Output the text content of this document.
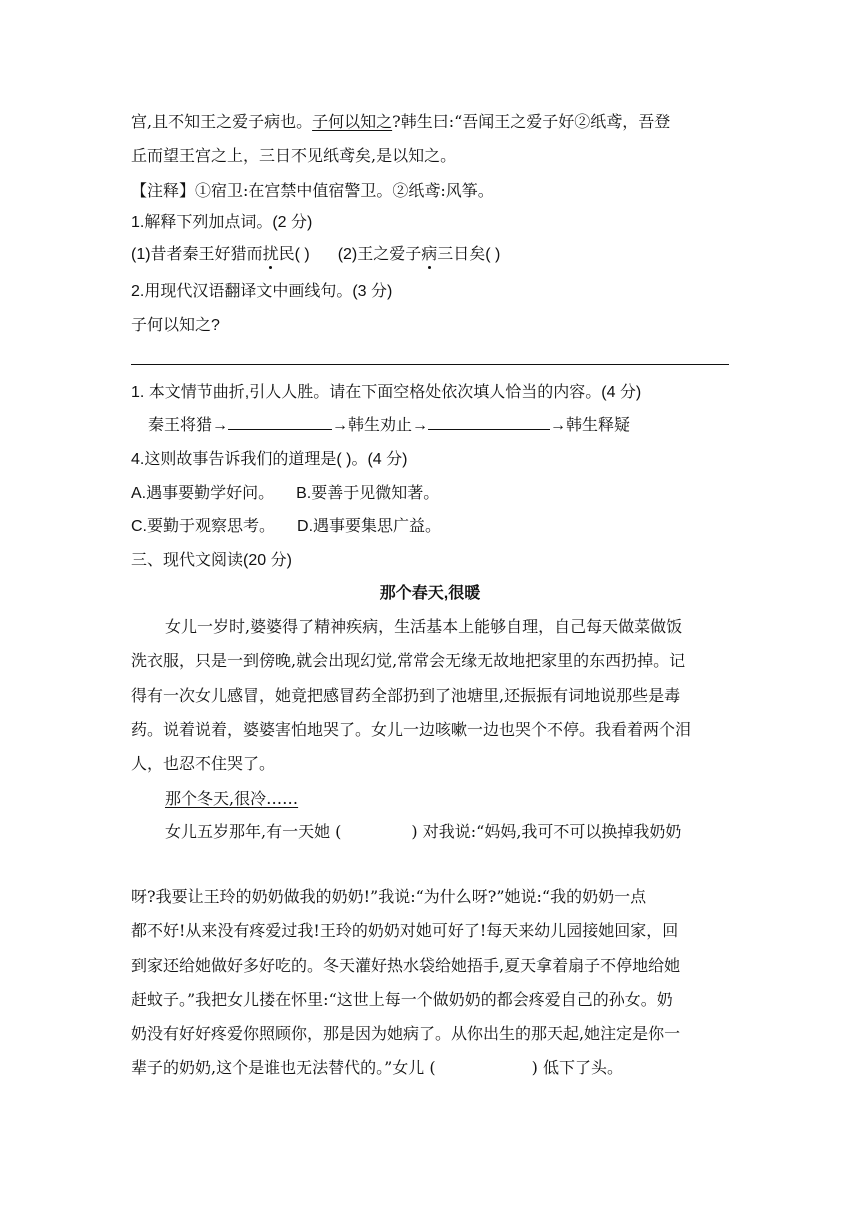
宫,且不知王之爱子病也。子何以知之?韩生曰:“吾闻王之爱子好②纸鸢，吾登
丘而望王宫之上，三日不见纸鸢矣,是以知之。
【注释】①宿卫:在宫禁中值宿警卫。②纸鸢:风筝。
1.解释下列加点词。(2 分)
(1)昔者秦王好猎而扰民( ) (2)王之爱子病三日矣( )
2.用现代汉语翻译文中画线句。(3 分)
子何以知之?
1. 本文情节曲折,引人人胜。请在下面空格处依次填人恰当的内容。(4 分)
秦王将猎→	→韩生劝止→	→韩生释疑
4.这则故事告诉我们的道理是( )。(4 分)
A.遇事要勤学好问。 B.要善于见微知著。
C.要勤于观察思考。 D.遇事要集思广益。
三、现代文阅读(20 分)
那个春天,很暖
女儿一岁时,婆婆得了精神疾病，生活基本上能够自理，自己每天做菜做饭
洗衣服，只是一到傍晚,就会出现幻觉,常常会无缘无故地把家里的东西扔掉。记
得有一次女儿感冒，她竟把感冒药全部扔到了池塘里,还振振有词地说那些是毒
药。说着说着，婆婆害怕地哭了。女儿一边咳嗽一边也哭个不停。我看着两个泪
人，也忍不住哭了。
那个冬天,很冷……
女儿五岁那年,有一天她 (	) 对我说:“妈妈,我可不可以换掉我奶奶
呀?我要让王玲的奶奶做我的奶奶!”我说:“为什么呀?”她说:“我的奶奶一点
都不好!从来没有疼爱过我!王玲的奶奶对她可好了!每天来幼儿园接她回家，回
到家还给她做好多好吃的。冬天灌好热水袋给她捂手,夏天拿着扇子不停地给她
赶蚊子。”我把女儿搂在怀里:“这世上每一个做奶奶的都会疼爱自己的孙女。奶
奶没有好好疼爱你照顾你，那是因为她病了。从你出生的那天起,她注定是你一
辈子的奶奶,这个是谁也无法替代的。”女儿 (	) 低下了头。
